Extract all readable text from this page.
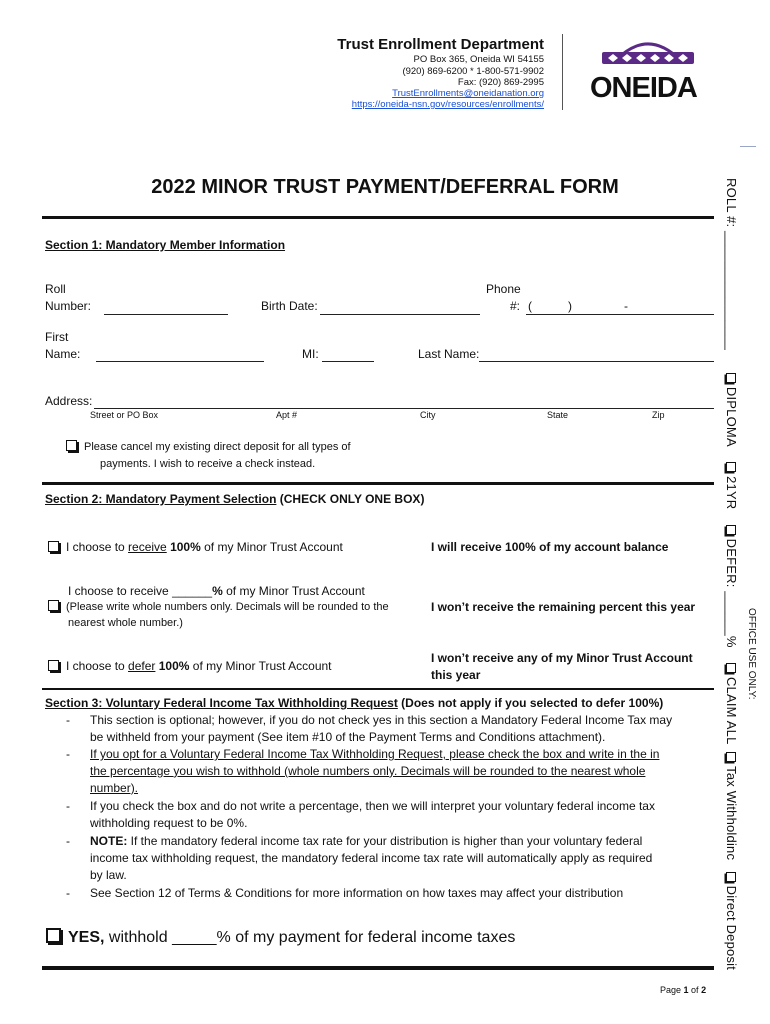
Trust Enrollment Department
PO Box 365, Oneida WI 54155
(920) 869-6200 * 1-800-571-9902
Fax: (920) 869-2995
TrustEnrollments@oneidanation.org
https://oneida-nsn.gov/resources/enrollments/
ONEIDA
2022 MINOR TRUST PAYMENT/DEFERRAL FORM
Section 1: Mandatory Member Information
Roll
Number:	Birth Date:
Phone
#: (	)	-
First
Name:	MI:	Last Name:
Address:
Street or PO Box	Apt #	City	State	Zip
Please cancel my existing direct deposit for all types of
payments. I wish to receive a check instead.
Section 2: Mandatory Payment Selection (CHECK ONLY ONE BOX)
I choose to receive 100% of my Minor Trust Account	I will receive 100% of my account balance
I choose to receive ______% of my Minor Trust Account
(Please write whole numbers only. Decimals will be rounded to the
nearest whole number.)
I won’t receive the remaining percent this year
I choose to defer 100% of my Minor Trust Account
I won’t receive any of my Minor Trust Account
this year
Section 3: Voluntary Federal Income Tax Withholding Request (Does not apply if you selected to defer 100%)
- This section is optional; however, if you do not check yes in this section a Mandatory Federal Income Tax may
be withheld from your payment (See item #10 of the Payment Terms and Conditions attachment).
- If you opt for a Voluntary Federal Income Tax Withholding Request, please check the box and write in the in
the percentage you wish to withhold (whole numbers only. Decimals will be rounded to the nearest whole
number).
- If you check the box and do not write a percentage, then we will interpret your voluntary federal income tax
withholding request to be 0%.
- NOTE: If the mandatory federal income tax rate for your distribution is higher than your voluntary federal
income tax withholding request, the mandatory federal income tax rate will automatically apply as required
by law.
- See Section 12 of Terms & Conditions for more information on how taxes may affect your distribution
YES, withhold _____% of my payment for federal income taxes
Page 1 of 2
ROLL #: ________________      DIPLOMA    21YR    DEFER: ______%    CLAIM ALL  Tax Withholdinc   Direct Deposit
OFFICE USE ONLY:
